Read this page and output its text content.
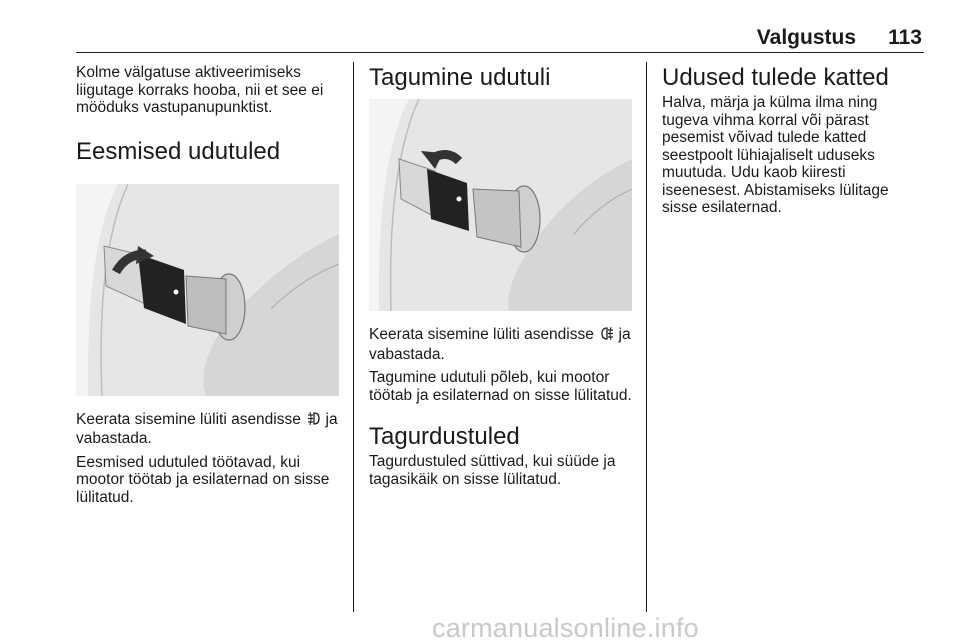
Valgustus 113

Kolme välgatuse aktiveerimiseks liigutage korraks hooba, nii et see ei mööduks vastupanupunktist.

Eesmised udutuled

Keerata sisemine lüliti asendisse ja vabastada.

Eesmised udutuled töötavad, kui mootor töötab ja esilaternad on sisse lülitatud.

Tagumine udutuli

Keerata sisemine lüliti asendisse ja vabastada.

Tagumine udutuli põleb, kui mootor töötab ja esilaternad on sisse lülitatud.

Tagurdustuled

Tagurdustuled süttivad, kui süüde ja tagasikäik on sisse lülitatud.

Udused tulede katted

Halva, märja ja külma ilma ning tugeva vihma korral või pärast pesemist võivad tulede katted seestpoolt lühiajaliselt uduseks muutuda. Udu kaob kiiresti iseenesest. Abistamiseks lülitage sisse esilaternad.

carmanualsonline.info
